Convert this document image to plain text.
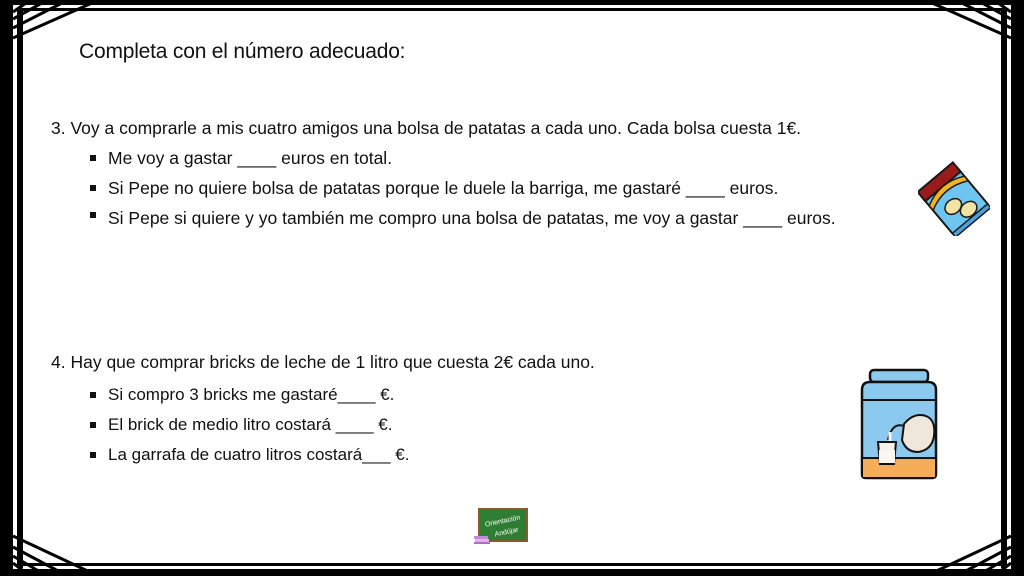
Completa con el número adecuado:
3. Voy a comprarle a mis cuatro amigos una bolsa de patatas a cada uno. Cada bolsa cuesta 1€.
Me voy a gastar ____ euros en total.
Si Pepe no quiere bolsa de patatas porque le duele la barriga, me gastaré ____ euros.
Si Pepe si quiere y yo también me compro una bolsa de patatas, me voy a gastar ____ euros.
4. Hay que comprar bricks de leche de 1 litro que cuesta 2€ cada uno.
Si compro 3 bricks me gastaré____ €.
El brick de medio litro costará ____ €.
La garrafa de cuatro litros costará___ €.
Orientación
Andújar
